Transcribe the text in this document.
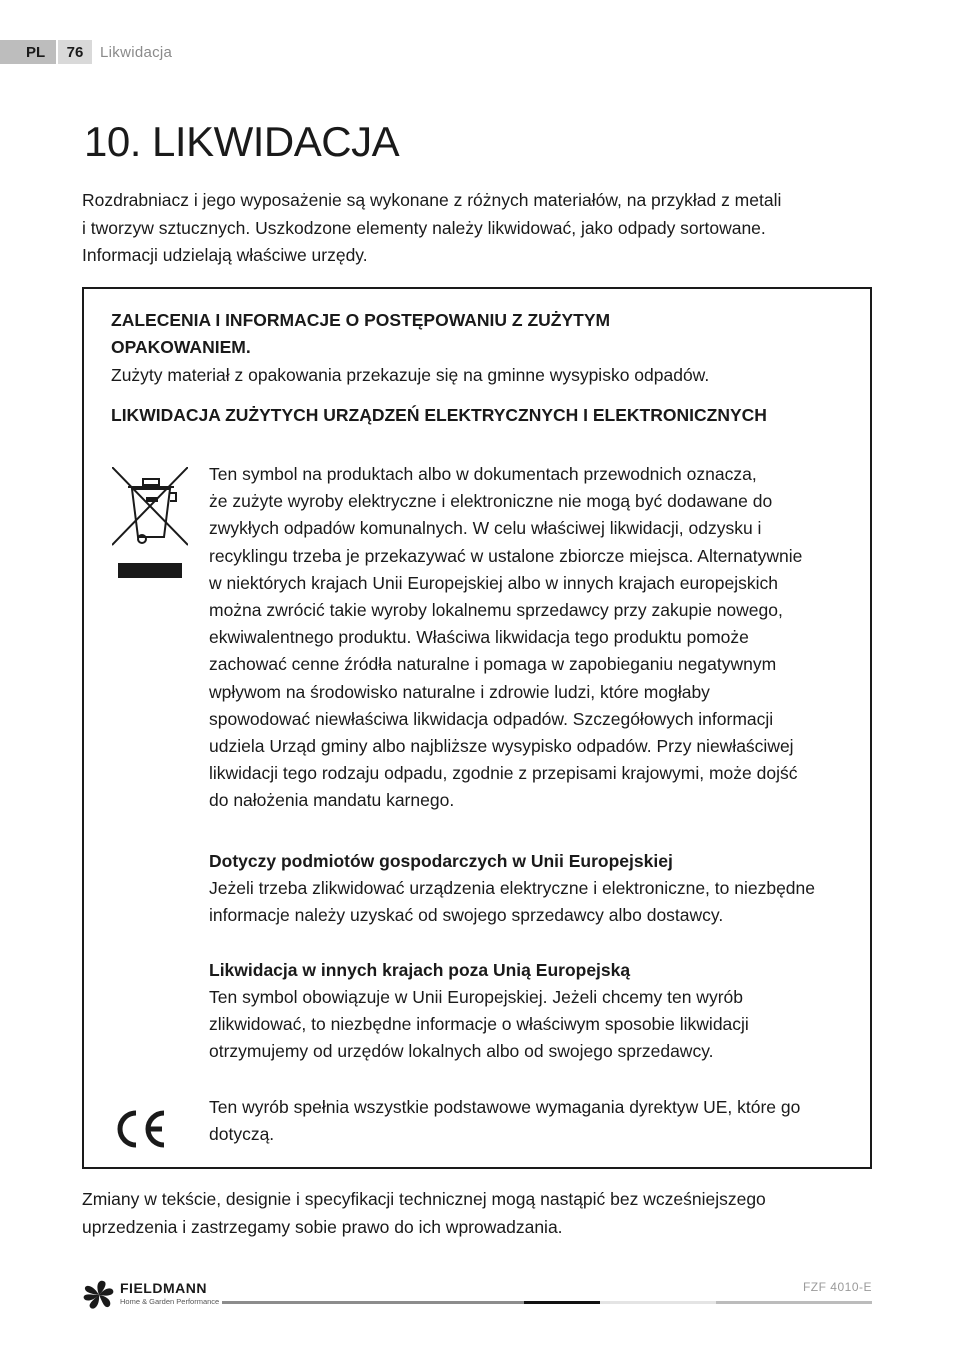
PL	76	Likwidacja
10. LIKWIDACJA

Rozdrabniacz i jego wyposażenie są wykonane z różnych materiałów, na przykład z metali
i tworzyw sztucznych. Uszkodzone elementy należy likwidować, jako odpady sortowane.
Informacji udzielają właściwe urzędy.

ZALECENIA I INFORMACJE O POSTĘPOWANIU Z ZUŻYTYM
OPAKOWANIEM.

Zużyty materiał z opakowania przekazuje się na gminne wysypisko odpadów.

LIKWIDACJA ZUŻYTYCH URZĄDZEŃ ELEKTRYCZNYCH I ELEKTRONICZNYCH

Ten symbol na produktach albo w dokumentach przewodnich oznacza,
że zużyte wyroby elektryczne i elektroniczne nie mogą być dodawane do
zwykłych odpadów komunalnych. W celu właściwej likwidacji, odzysku i
recyklingu trzeba je przekazywać w ustalone zbiorcze miejsca. Alternatywnie
w niektórych krajach Unii Europejskiej albo w innych krajach europejskich
można zwrócić takie wyroby lokalnemu sprzedawcy przy zakupie nowego,
ekwiwalentnego produktu. Właściwa likwidacja tego produktu pomoże
zachować cenne źródła naturalne i pomaga w zapobieganiu negatywnym
wpływom na środowisko naturalne i zdrowie ludzi, które mogłaby
spowodować niewłaściwa likwidacja odpadów. Szczegółowych informacji
udziela Urząd gminy albo najbliższe wysypisko odpadów. Przy niewłaściwej
likwidacji tego rodzaju odpadu, zgodnie z przepisami krajowymi, może dojść
do nałożenia mandatu karnego.

Dotyczy podmiotów gospodarczych w Unii Europejskiej

Jeżeli trzeba zlikwidować urządzenia elektryczne i elektroniczne, to niezbędne
informacje należy uzyskać od swojego sprzedawcy albo dostawcy.

Likwidacja w innych krajach poza Unią Europejską

Ten symbol obowiązuje w Unii Europejskiej. Jeżeli chcemy ten wyrób
zlikwidować, to niezbędne informacje o właściwym sposobie likwidacji
otrzymujemy od urzędów lokalnych albo od swojego sprzedawcy.

Ten wyrób spełnia wszystkie podstawowe wymagania dyrektyw UE, które go
dotyczą.

Zmiany w tekście, designie i specyfikacji technicznej mogą nastąpić bez wcześniejszego
uprzedzenia i zastrzegamy sobie prawo do ich wprowadzania.

FIELDMANN
Home & Garden Performance
FZF 4010-E
